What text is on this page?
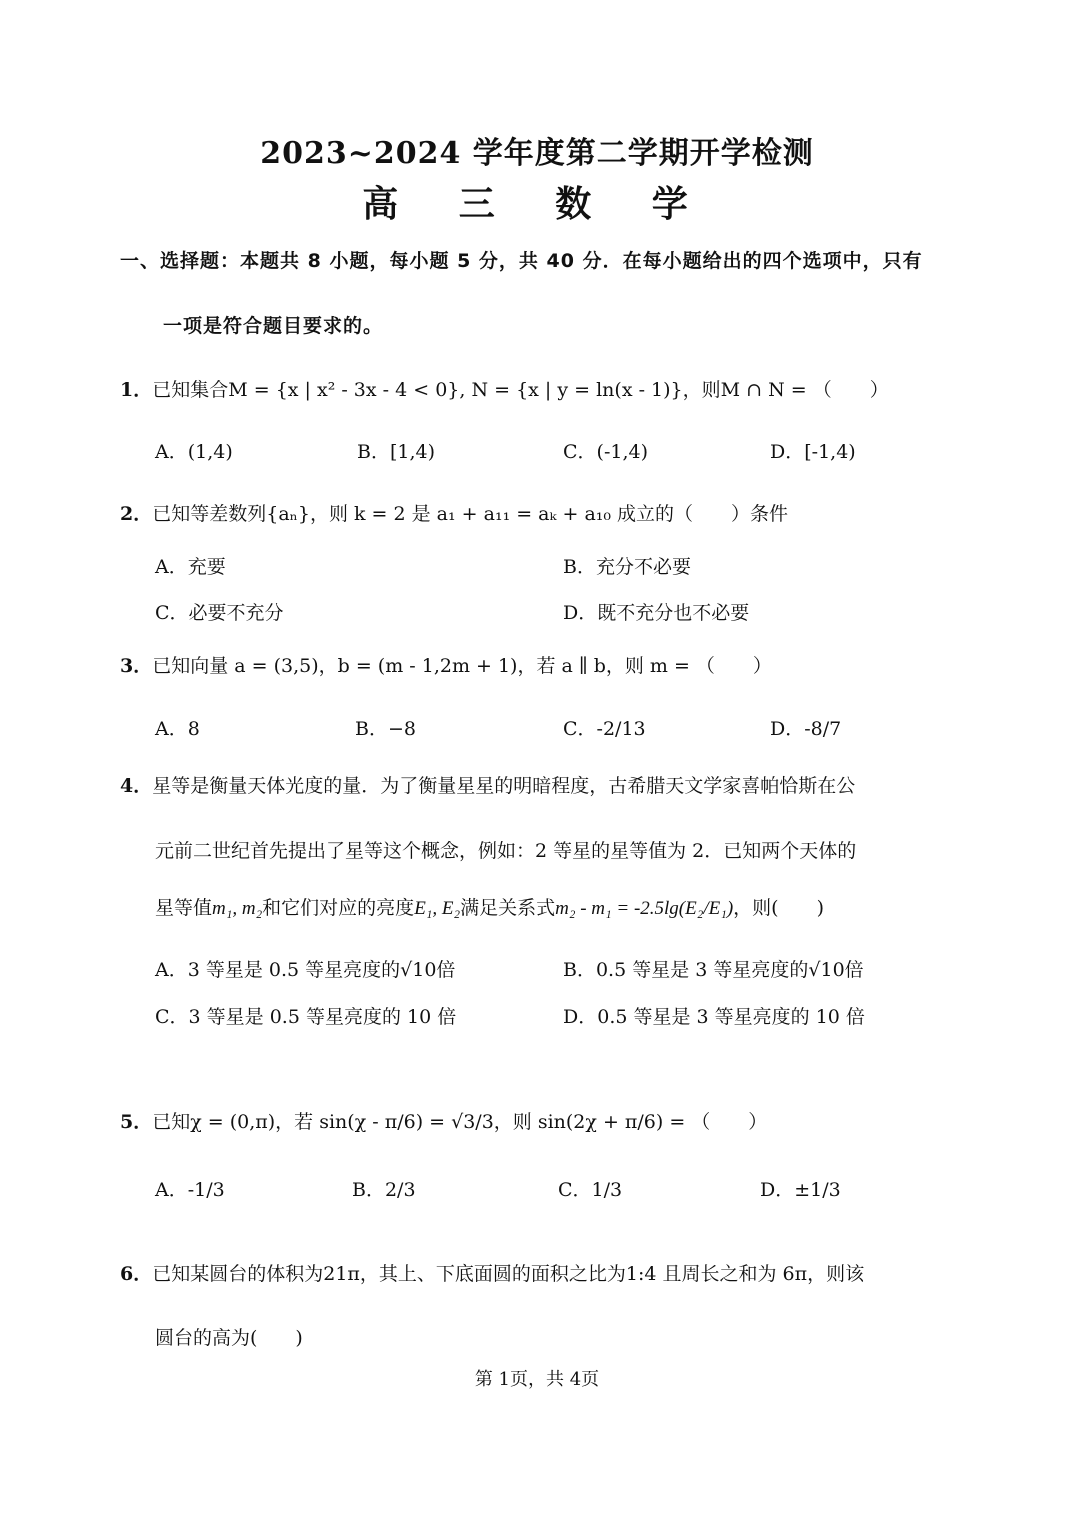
2023~2024 学年度第二学期开学检测
高 三 数 学
一、选择题：本题共 8 小题，每小题 5 分，共 40 分．在每小题给出的四个选项中，只有
一项是符合题目要求的。
1．已知集合M = {x | x² - 3x - 4 < 0}, N = {x | y = ln(x - 1)}，则M ∩ N = （　　）
A．(1,4)	B．[1,4)	C．(-1,4)	D．[-1,4)
2．已知等差数列{aₙ}，则 k = 2 是 a₁ + a₁₁ = aₖ + a₁₀ 成立的（　　）条件
A．充要	B．充分不必要
C．必要不充分	D．既不充分也不必要
3．已知向量 a = (3,5)，b = (m - 1,2m + 1)，若 a ∥ b，则 m = （　　）
A．8	B．−8	C．-2/13	D．-8/7
4．星等是衡量天体光度的量．为了衡量星星的明暗程度，古希腊天文学家喜帕恰斯在公
元前二世纪首先提出了星等这个概念，例如：2 等星的星等值为 2．已知两个天体的
星等值m₁, m₂和它们对应的亮度E₁, E₂满足关系式m₂ - m₁ = -2.5lg(E₂/E₁)，则(　　)
A．3 等星是 0.5 等星亮度的√10倍	B．0.5 等星是 3 等星亮度的√10倍
C．3 等星是 0.5 等星亮度的 10 倍	D．0.5 等星是 3 等星亮度的 10 倍
5．已知χ = (0,π)，若 sin(χ - π/6) = √3/3，则 sin(2χ + π/6) = （　　）
A．-1/3	B．2/3	C．1/3	D．±1/3
6．已知某圆台的体积为21π，其上、下底面圆的面积之比为1:4 且周长之和为 6π，则该
圆台的高为(　　)
第 1页，共 4页
